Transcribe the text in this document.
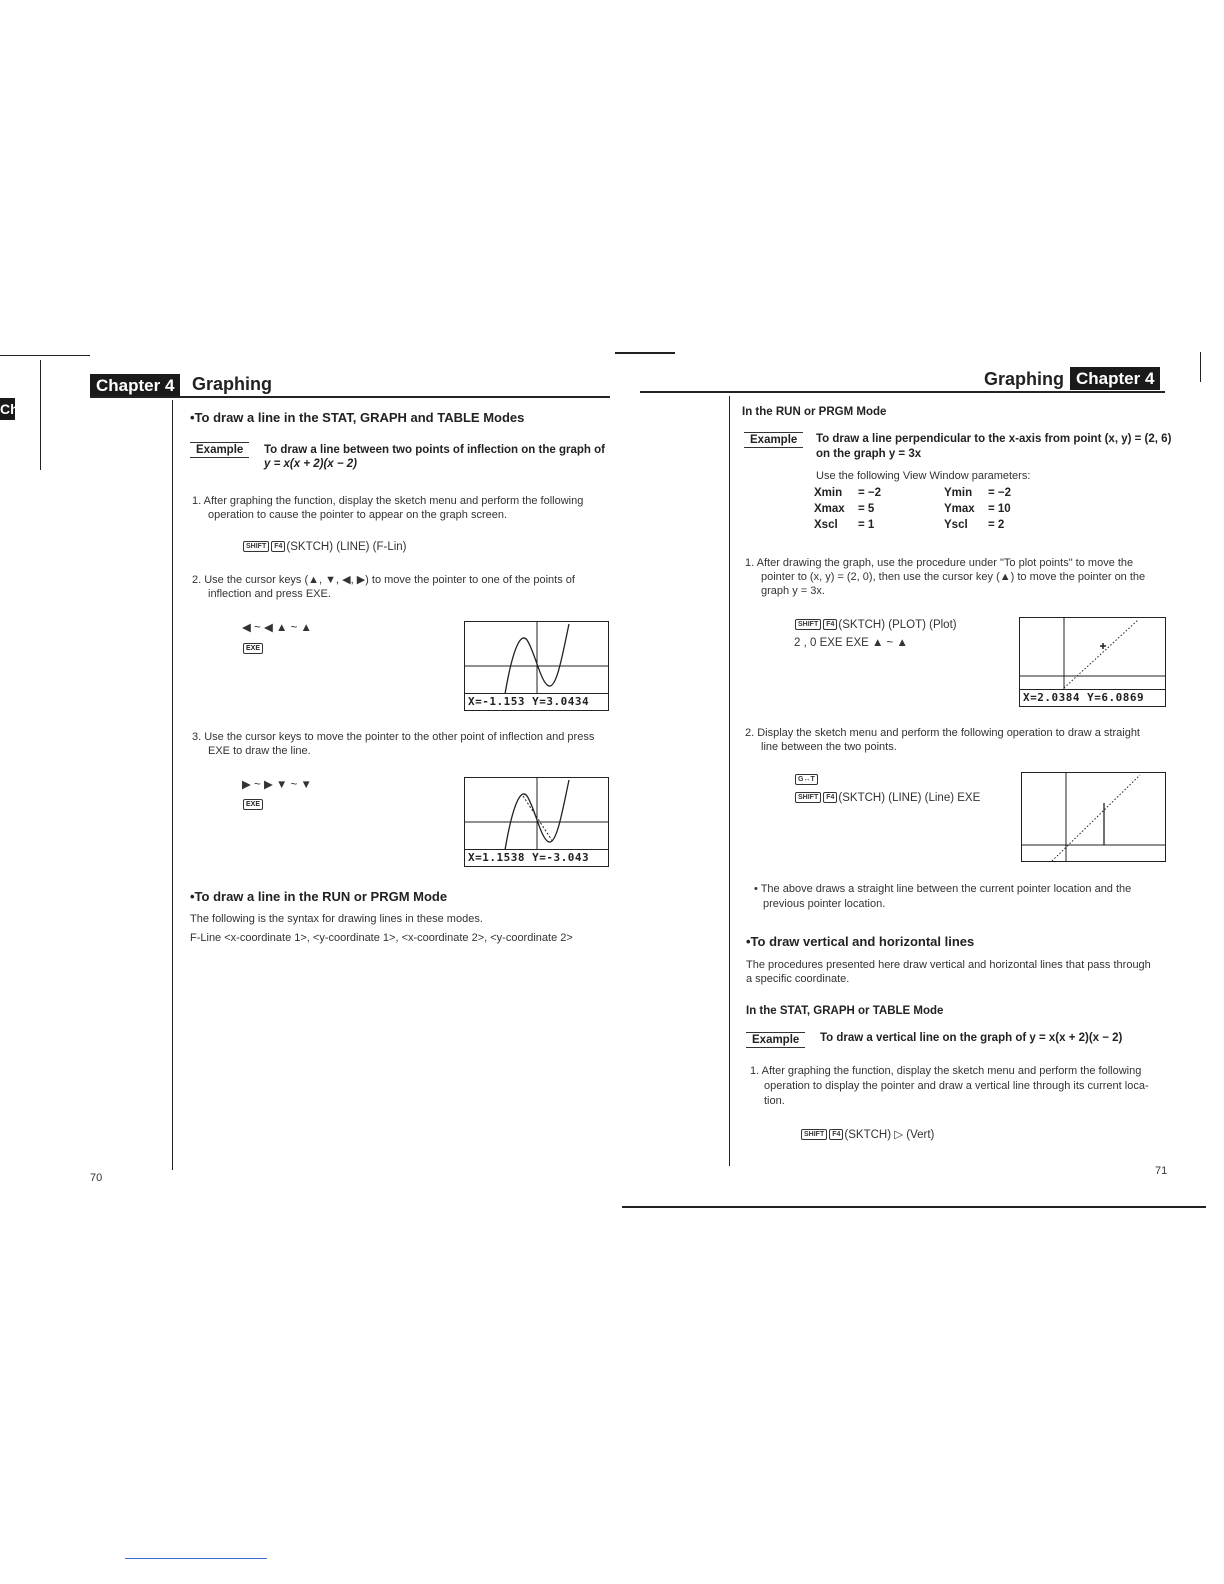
Ch
Chapter 4 Graphing
•To draw a line in the STAT, GRAPH and TABLE Modes
Example	To draw a line between two points of inflection on the graph of
y = x(x + 2)(x − 2)
1. After graphing the function, display the sketch menu and perform the following
operation to cause the pointer to appear on the graph screen.
SHIFT F4 (SKTCH) (LINE) (F-Lin)
2. Use the cursor keys (▲, ▼, ◀, ▶) to move the pointer to one of the points of
inflection and press EXE.
◀ ~ ◀ ▲ ~ ▲
EXE
X=-1.153 Y=3.0434
3. Use the cursor keys to move the pointer to the other point of inflection and press
EXE to draw the line.
▶ ~ ▶ ▼ ~ ▼
EXE
X=1.1538 Y=-3.043
•To draw a line in the RUN or PRGM Mode
The following is the syntax for drawing lines in these modes.
F-Line <x-coordinate 1>, <y-coordinate 1>, <x-coordinate 2>, <y-coordinate 2>
70
Graphing Chapter 4
In the RUN or PRGM Mode
Example	To draw a line perpendicular to the x-axis from point (x, y) = (2, 6)
on the graph y = 3x
Use the following View Window parameters:
Xmin	= −2	Ymin	= −2
Xmax	= 5	Ymax	= 10
Xscl	= 1	Yscl	= 2
1. After drawing the graph, use the procedure under "To plot points" to move the
pointer to (x, y) = (2, 0), then use the cursor key (▲) to move the pointer on the
graph y = 3x.
SHIFT F4 (SKTCH) (PLOT) (Plot)
2 , 0 EXE EXE ▲ ~ ▲
X=2.0384 Y=6.0869
2. Display the sketch menu and perform the following operation to draw a straight
line between the two points.
G↔T
SHIFT F4 (SKTCH) (LINE) (Line) EXE
• The above draws a straight line between the current pointer location and the
previous pointer location.
•To draw vertical and horizontal lines
The procedures presented here draw vertical and horizontal lines that pass through
a specific coordinate.
In the STAT, GRAPH or TABLE Mode
Example	To draw a vertical line on the graph of y = x(x + 2)(x − 2)
1. After graphing the function, display the sketch menu and perform the following
operation to display the pointer and draw a vertical line through its current loca-
tion.
SHIFT F4 (SKTCH) ▷ (Vert)
71
